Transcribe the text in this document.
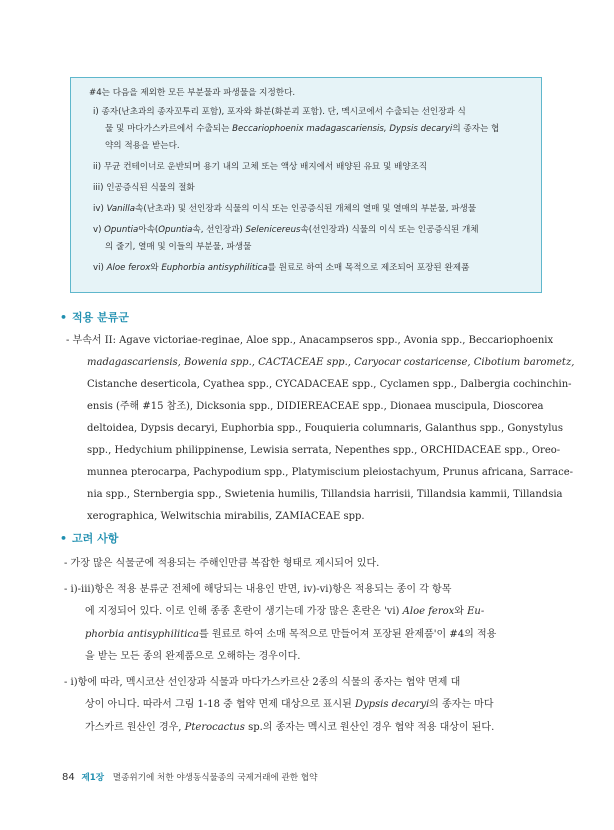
#4는 다음을 제외한 모든 부분물과 파생물을 지정한다.

i) 종자(난초과의 종자꼬투리 포함), 포자와 화분(화분괴 포함). 단, 멕시코에서 수출되는 선인장과 식
물 및 마다가스카르에서 수출되는 Beccariophoenix madagascariensis, Dypsis decaryi의 종자는 협
약의 적용을 받는다.

ii) 무균 컨테이너로 운반되며 용기 내의 고체 또는 액상 배지에서 배양된 유묘 및 배양조직

iii) 인공증식된 식물의 절화

iv) Vanilla속(난초과) 및 선인장과 식물의 이식 또는 인공증식된 개체의 열매 및 열매의 부분물, 파생물

v) Opuntia아속(Opuntia속, 선인장과) Selenicereus속(선인장과) 식물의 이식 또는 인공증식된 개체
의 줄기, 열매 및 이들의 부분물, 파생물

vi) Aloe ferox와 Euphorbia antisyphilitica를 원료로 하여 소매 목적으로 제조되어 포장된 완제품

• 적용 분류군
- 부속서 II: Agave victoriae-reginae, Aloe spp., Anacampseros spp., Avonia spp., Beccariophoenix
madagascariensis, Bowenia spp., CACTACEAE spp., Caryocar costaricense, Cibotium barometz,
Cistanche deserticola, Cyathea spp., CYCADACEAE spp., Cyclamen spp., Dalbergia cochinchin-
ensis (주해 #15 참조), Dicksonia spp., DIDIEREACEAE spp., Dionaea muscipula, Dioscorea
deltoidea, Dypsis decaryi, Euphorbia spp., Fouquieria columnaris, Galanthus spp., Gonystylus
spp., Hedychium philippinense, Lewisia serrata, Nepenthes spp., ORCHIDACEAE spp., Oreo-
munnea pterocarpa, Pachypodium spp., Platymiscium pleiostachyum, Prunus africana, Sarrace-
nia spp., Sternbergia spp., Swietenia humilis, Tillandsia harrisii, Tillandsia kammii, Tillandsia
xerographica, Welwitschia mirabilis, ZAMIACEAE spp.
• 고려 사항
- 가장 많은 식물군에 적용되는 주해인만큼 복잡한 형태로 제시되어 있다.
- i)-iii)항은 적용 분류군 전체에 해당되는 내용인 반면, iv)-vi)항은 적용되는 종이 각 항목
에 지정되어 있다. 이로 인해 종종 혼란이 생기는데 가장 많은 혼란은 'vi) Aloe ferox와 Eu-
phorbia antisyphilitica를 원료로 하여 소매 목적으로 만들어져 포장된 완제품'이 #4의 적용
을 받는 모든 종의 완제품으로 오해하는 경우이다.
- i)항에 따라, 멕시코산 선인장과 식물과 마다가스카르산 2종의 식물의 종자는 협약 면제 대
상이 아니다. 따라서 그림 1-18 중 협약 면제 대상으로 표시된 Dypsis decaryi의 종자는 마다
가스카르 원산인 경우, Pterocactus sp.의 종자는 멕시코 원산인 경우 협약 적용 대상이 된다.
84 제1장 멸종위기에 처한 야생동식물종의 국제거래에 관한 협약
